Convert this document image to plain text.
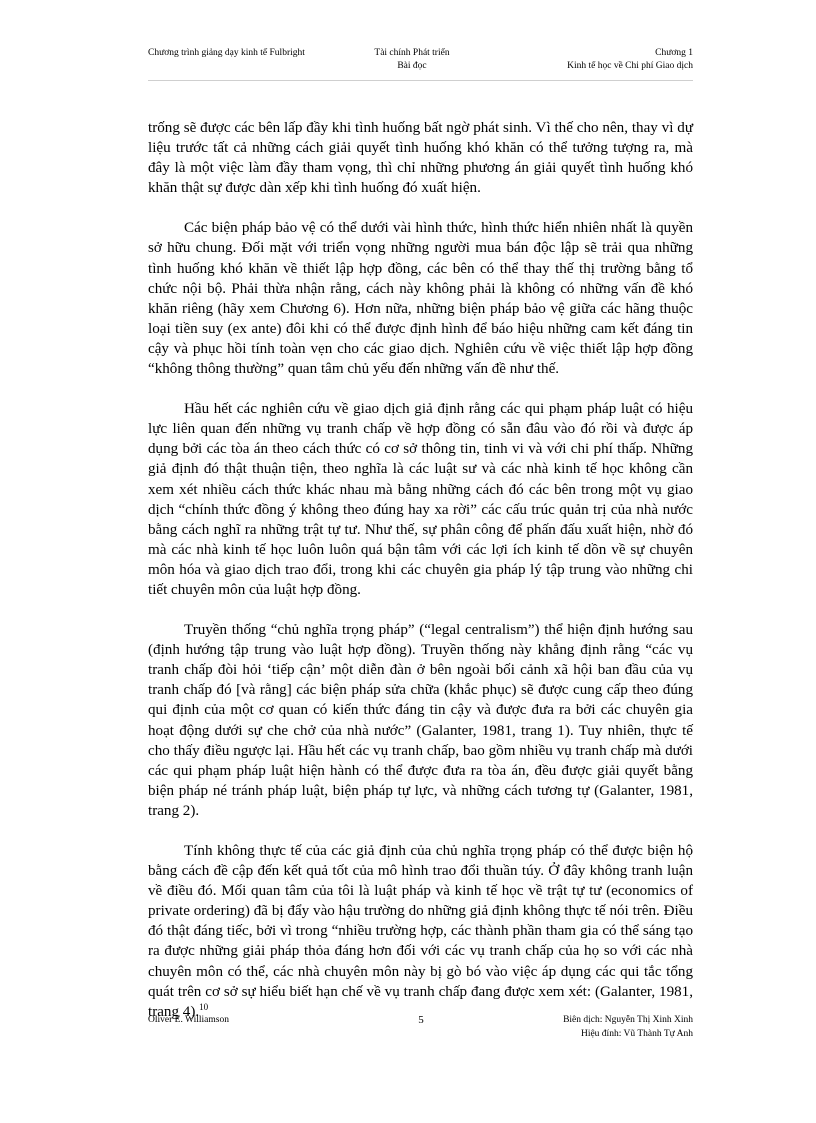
Chương trình giảng dạy kinh tế Fulbright	Tài chính Phát triển
Bài đọc
Chương 1
Kinh tế học về Chi phí Giao dịch

trống sẽ được các bên lấp đầy khi tình huống bất ngờ phát sinh. Vì thế cho nên, thay vì dự liệu trước tất cả những cách giải quyết tình huống khó khăn có thể tưởng tượng ra, mà đây là một việc làm đầy tham vọng, thì chỉ những phương án giải quyết tình huống khó khăn thật sự được dàn xếp khi tình huống đó xuất hiện.

Các biện pháp bảo vệ có thể dưới vài hình thức, hình thức hiển nhiên nhất là quyền sở hữu chung. Đối mặt với triển vọng những người mua bán độc lập sẽ trải qua những tình huống khó khăn về thiết lập hợp đồng, các bên có thể thay thế thị trường bằng tổ chức nội bộ. Phải thừa nhận rằng, cách này không phải là không có những vấn đề khó khăn riêng (hãy xem Chương 6). Hơn nữa, những biện pháp bảo vệ giữa các hãng thuộc loại tiền suy (ex ante) đôi khi có thể được định hình để báo hiệu những cam kết đáng tin cậy và phục hồi tính toàn vẹn cho các giao dịch. Nghiên cứu về việc thiết lập hợp đồng “không thông thường” quan tâm chủ yếu đến những vấn đề như thế.

Hầu hết các nghiên cứu về giao dịch giả định rằng các qui phạm pháp luật có hiệu lực liên quan đến những vụ tranh chấp về hợp đồng có sẵn đâu vào đó rồi và được áp dụng bởi các tòa án theo cách thức có cơ sở thông tin, tinh vi và với chi phí thấp. Những giả định đó thật thuận tiện, theo nghĩa là các luật sư và các nhà kinh tế học không cần xem xét nhiều cách thức khác nhau mà bằng những cách đó các bên trong một vụ giao dịch “chính thức đồng ý không theo đúng hay xa rời” các cấu trúc quản trị của nhà nước bằng cách nghĩ ra những trật tự tư. Như thế, sự phân công để phấn đấu xuất hiện, nhờ đó mà các nhà kinh tế học luôn luôn quá bận tâm với các lợi ích kinh tế dồn về sự chuyên môn hóa và giao dịch trao đổi, trong khi các chuyên gia pháp lý tập trung vào những chi tiết chuyên môn của luật hợp đồng.

Truyền thống “chủ nghĩa trọng pháp” (“legal centralism”) thể hiện định hướng sau (định hướng tập trung vào luật hợp đồng). Truyền thống này khẳng định rằng “các vụ tranh chấp đòi hỏi ‘tiếp cận’ một diễn đàn ở bên ngoài bối cảnh xã hội ban đầu của vụ tranh chấp đó [và rằng] các biện pháp sửa chữa (khắc phục) sẽ được cung cấp theo đúng qui định của một cơ quan có kiến thức đáng tin cậy và được đưa ra bởi các chuyên gia hoạt động dưới sự che chở của nhà nước” (Galanter, 1981, trang 1). Tuy nhiên, thực tế cho thấy điều ngược lại. Hầu hết các vụ tranh chấp, bao gồm nhiều vụ tranh chấp mà dưới các qui phạm pháp luật hiện hành có thể được đưa ra tòa án, đều được giải quyết bằng biện pháp né tránh pháp luật, biện pháp tự lực, và những cách tương tự (Galanter, 1981, trang 2).

Tính không thực tế của các giả định của chủ nghĩa trọng pháp có thể được biện hộ bằng cách đề cập đến kết quả tốt của mô hình trao đổi thuần túy. Ở đây không tranh luận về điều đó. Mối quan tâm của tôi là luật pháp và kinh tế học về trật tự tư (economics of private ordering) đã bị đẩy vào hậu trường do những giả định không thực tế nói trên. Điều đó thật đáng tiếc, bởi vì trong “nhiều trường hợp, các thành phần tham gia có thể sáng tạo ra được những giải pháp thỏa đáng hơn đối với các vụ tranh chấp của họ so với các nhà chuyên môn có thể, các nhà chuyên môn này bị gò bó vào việc áp dụng các qui tắc tổng quát trên cơ sở sự hiểu biết hạn chế về vụ tranh chấp đang được xem xét: (Galanter, 1981, trang 4).$^{10}$

Oliver E. Williamson	5	Biên dịch: Nguyễn Thị Xinh Xinh
Hiệu đính: Vũ Thành Tự Anh
